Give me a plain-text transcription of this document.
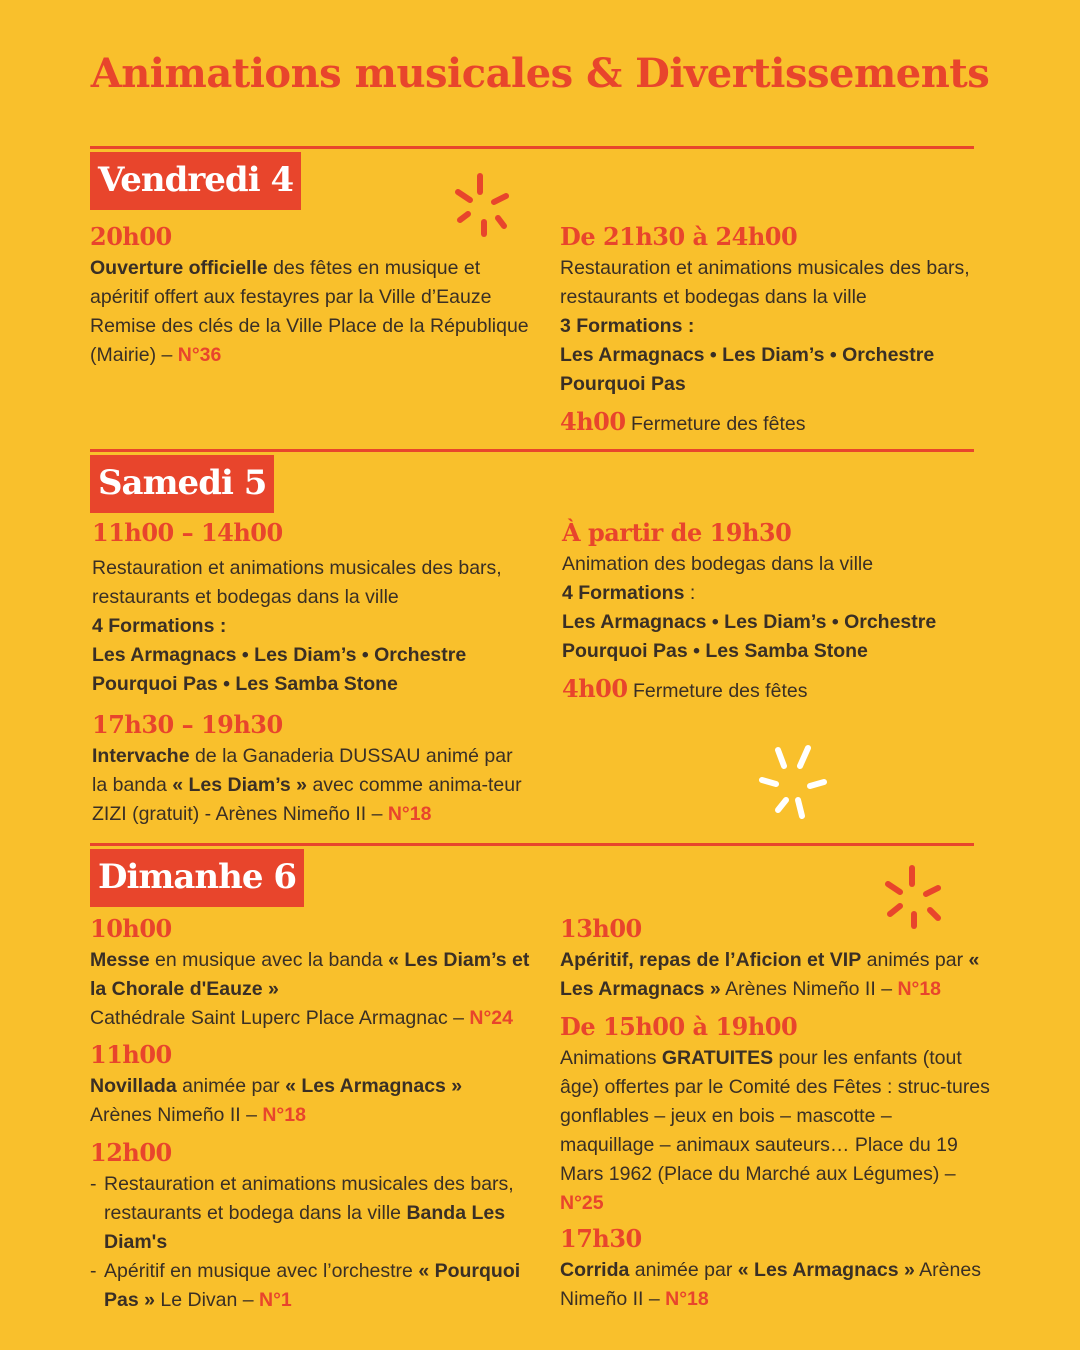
Animations musicales & Divertissements
Vendredi 4
20h00
Ouverture officielle des fêtes en musique et apéritif offert aux festayres par la Ville d’Eauze Remise des clés de la Ville Place de la République (Mairie) – N°36
De 21h30 à 24h00
Restauration et animations musicales des bars, restaurants et bodegas dans la ville
3 Formations :
Les Armagnacs • Les Diam’s • Orchestre Pourquoi Pas
4h00 Fermeture des fêtes
Samedi 5
11h00 – 14h00
Restauration et animations musicales des bars, restaurants et bodegas dans la ville
4 Formations :
Les Armagnacs • Les Diam’s • Orchestre Pourquoi Pas • Les Samba Stone
17h30 – 19h30
Intervache de la Ganaderia DUSSAU animé par la banda « Les Diam’s » avec comme anima-teur ZIZI (gratuit) - Arènes Nimeño II – N°18
À partir de 19h30
Animation des bodegas dans la ville
4 Formations :
Les Armagnacs • Les Diam’s • Orchestre Pourquoi Pas • Les Samba Stone
4h00 Fermeture des fêtes
Dimanhe 6
10h00
Messe en musique avec la banda « Les Diam’s et la Chorale d'Eauze »
Cathédrale Saint Luperc Place Armagnac – N°24
11h00
Novillada animée par « Les Armagnacs »
Arènes Nimeño II – N°18
12h00
- Restauration et animations musicales des bars, restaurants et bodega dans la ville Banda Les Diam's
- Apéritif en musique avec l’orchestre « Pourquoi Pas » Le Divan – N°1
13h00
Apéritif, repas de l’Aficion et VIP animés par « Les Armagnacs » Arènes Nimeño II – N°18
De 15h00 à 19h00
Animations GRATUITES pour les enfants (tout âge) offertes par le Comité des Fêtes : struc-tures gonflables – jeux en bois – mascotte – maquillage – animaux sauteurs… Place du 19 Mars 1962 (Place du Marché aux Légumes) – N°25
17h30
Corrida animée par « Les Armagnacs » Arènes Nimeño II – N°18
